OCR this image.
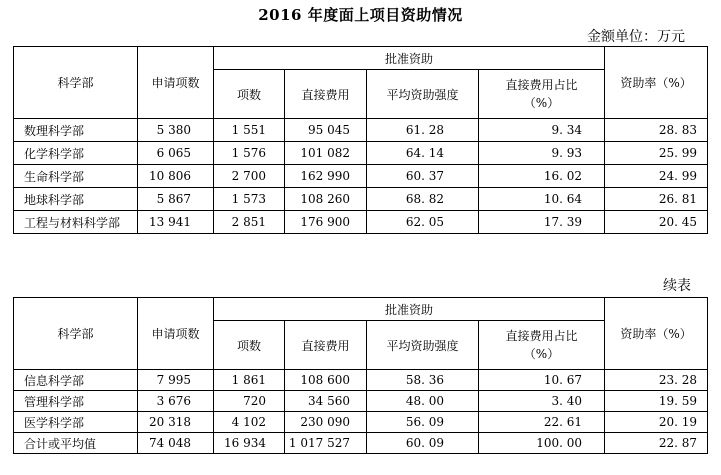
2016 年度面上项目资助情况
金额单位：万元
科学部	申请项数	批准资助				资助率（%）
		项数	直接费用	平均资助强度	直接费用占比
（%）	

数理科学部	5 380	1 551	95 045	61. 28	9. 34	28. 83
化学科学部	6 065	1 576	101 082	64. 14	9. 93	25. 99
生命科学部	10 806	2 700	162 990	60. 37	16. 02	24. 99
地球科学部	5 867	1 573	108 260	68. 82	10. 64	26. 81
工程与材料科学部	13 941	2 851	176 900	62. 05	17. 39	20. 45
续表
科学部	申请项数	批准资助				资助率（%）
		项数	直接费用	平均资助强度	直接费用占比
（%）	

信息科学部	7 995	1 861	108 600	58. 36	10. 67	23. 28
管理科学部	3 676	720	34 560	48. 00	3. 40	19. 59
医学科学部	20 318	4 102	230 090	56. 09	22. 61	20. 19
合计或平均值	74 048	16 934	1 017 527	60. 09	100. 00	22. 87
